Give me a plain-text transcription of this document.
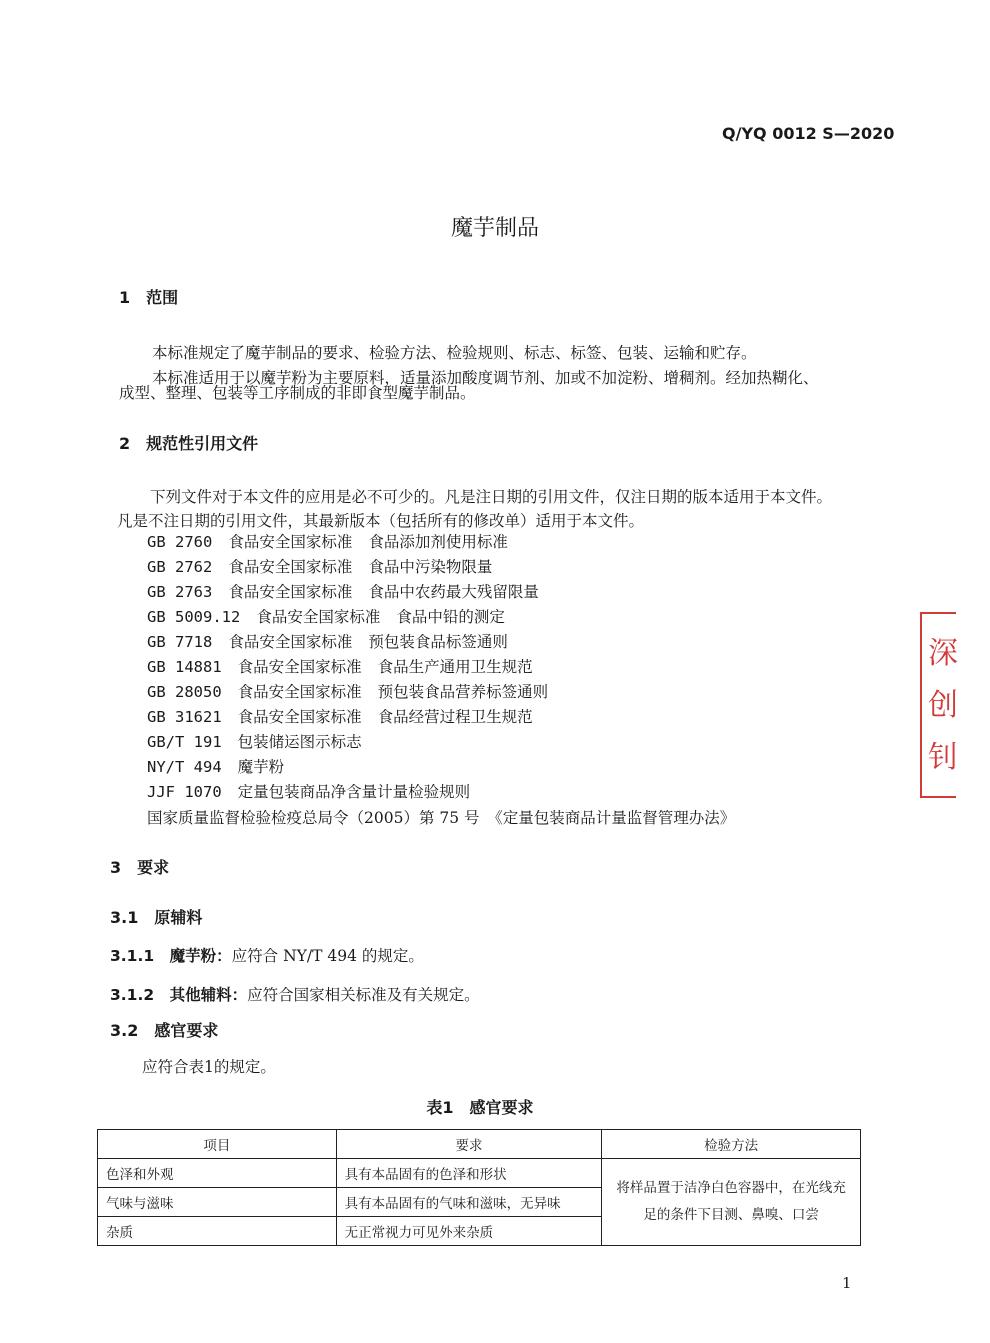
Q/YQ 0012 S—2020
魔芋制品
1　范围
本标准规定了魔芋制品的要求、检验方法、检验规则、标志、标签、包装、运输和贮存。
本标准适用于以魔芋粉为主要原料，适量添加酸度调节剂、加或不加淀粉、增稠剂。经加热糊化、
成型、整理、包装等工序制成的非即食型魔芋制品。
2　规范性引用文件
下列文件对于本文件的应用是必不可少的。凡是注日期的引用文件，仅注日期的版本适用于本文件。
凡是不注日期的引用文件，其最新版本（包括所有的修改单）适用于本文件。
GB 2760 食品安全国家标准 食品添加剂使用标准
GB 2762 食品安全国家标准 食品中污染物限量
GB 2763 食品安全国家标准 食品中农药最大残留限量
GB 5009.12 食品安全国家标准 食品中铅的测定
GB 7718 食品安全国家标准 预包装食品标签通则
GB 14881 食品安全国家标准 食品生产通用卫生规范
GB 28050 食品安全国家标准 预包装食品营养标签通则
GB 31621 食品安全国家标准 食品经营过程卫生规范
GB/T 191 包装储运图示标志
NY/T 494 魔芋粉
JJF 1070 定量包装商品净含量计量检验规则
国家质量监督检验检疫总局令（2005）第 75 号　《定量包装商品计量监督管理办法》
3　要求
3.1　原辅料
3.1.1　魔芋粉：应符合 NY/T 494 的规定。
3.1.2　其他辅料：应符合国家相关标准及有关规定。
3.2　感官要求
应符合表1的规定。
表1　感官要求
项目	要求	检验方法
色泽和外观	具有本品固有的色泽和形状	将样品置于洁净白色容器中，在光线充足的条件下目测、鼻嗅、口尝
气味与滋味	具有本品固有的气味和滋味，无异味	
杂质	无正常视力可见外来杂质	
1
深
创
钊
